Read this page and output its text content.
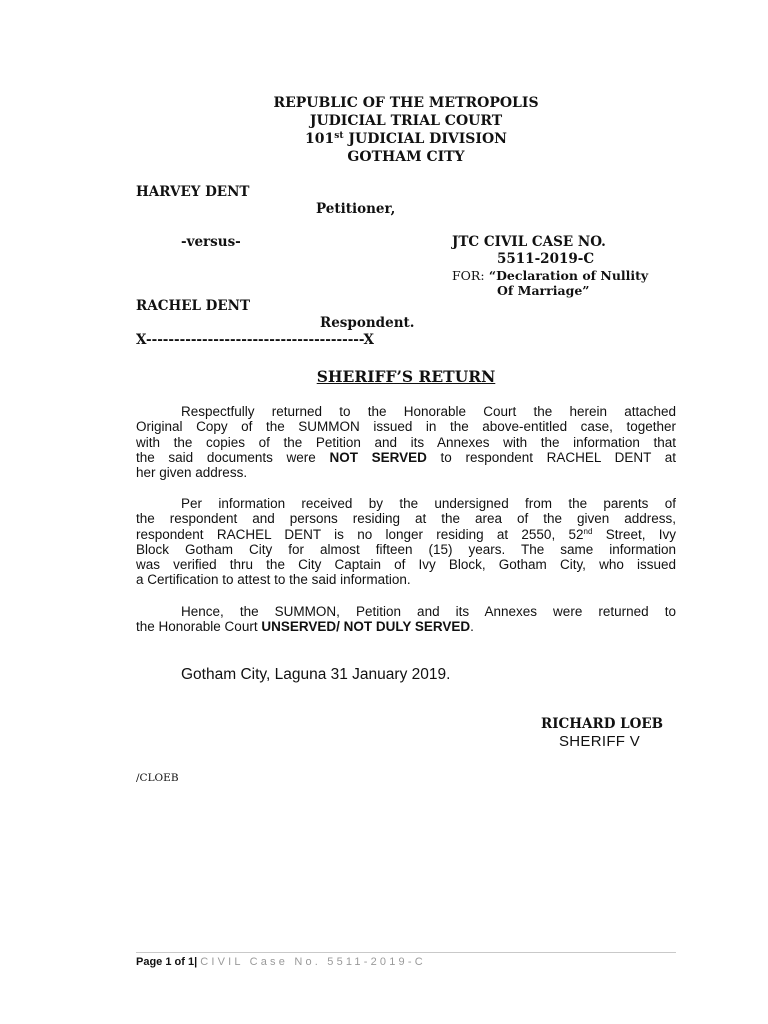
REPUBLIC OF THE METROPOLIS
JUDICIAL TRIAL COURT
101st JUDICIAL DIVISION
GOTHAM CITY
HARVEY DENT
Petitioner,
-versus-	JTC CIVIL CASE NO.
5511-2019-C
FOR: “Declaration of Nullity
Of Marriage”
RACHEL DENT
Respondent.
X---------------------------------------X
SHERIFF’S RETURN
Respectfully returned to the Honorable Court the herein attached
Original Copy of the SUMMON issued in the above-entitled case, together
with the copies of the Petition and its Annexes with the information that
the said documents were NOT SERVED to respondent RACHEL DENT at
her given address.
Per information received by the undersigned from the parents of
the respondent and persons residing at the area of the given address,
respondent RACHEL DENT is no longer residing at 2550, 52nd Street, Ivy
Block Gotham City for almost fifteen (15) years. The same information
was verified thru the City Captain of Ivy Block, Gotham City, who issued
a Certification to attest to the said information.
Hence, the SUMMON, Petition and its Annexes were returned to
the Honorable Court UNSERVED/ NOT DULY SERVED.
Gotham City, Laguna 31 January 2019.
RICHARD LOEB
SHERIFF V
/CLOEB
Page 1 of 1| CIVIL Case No. 5511-2019-C
